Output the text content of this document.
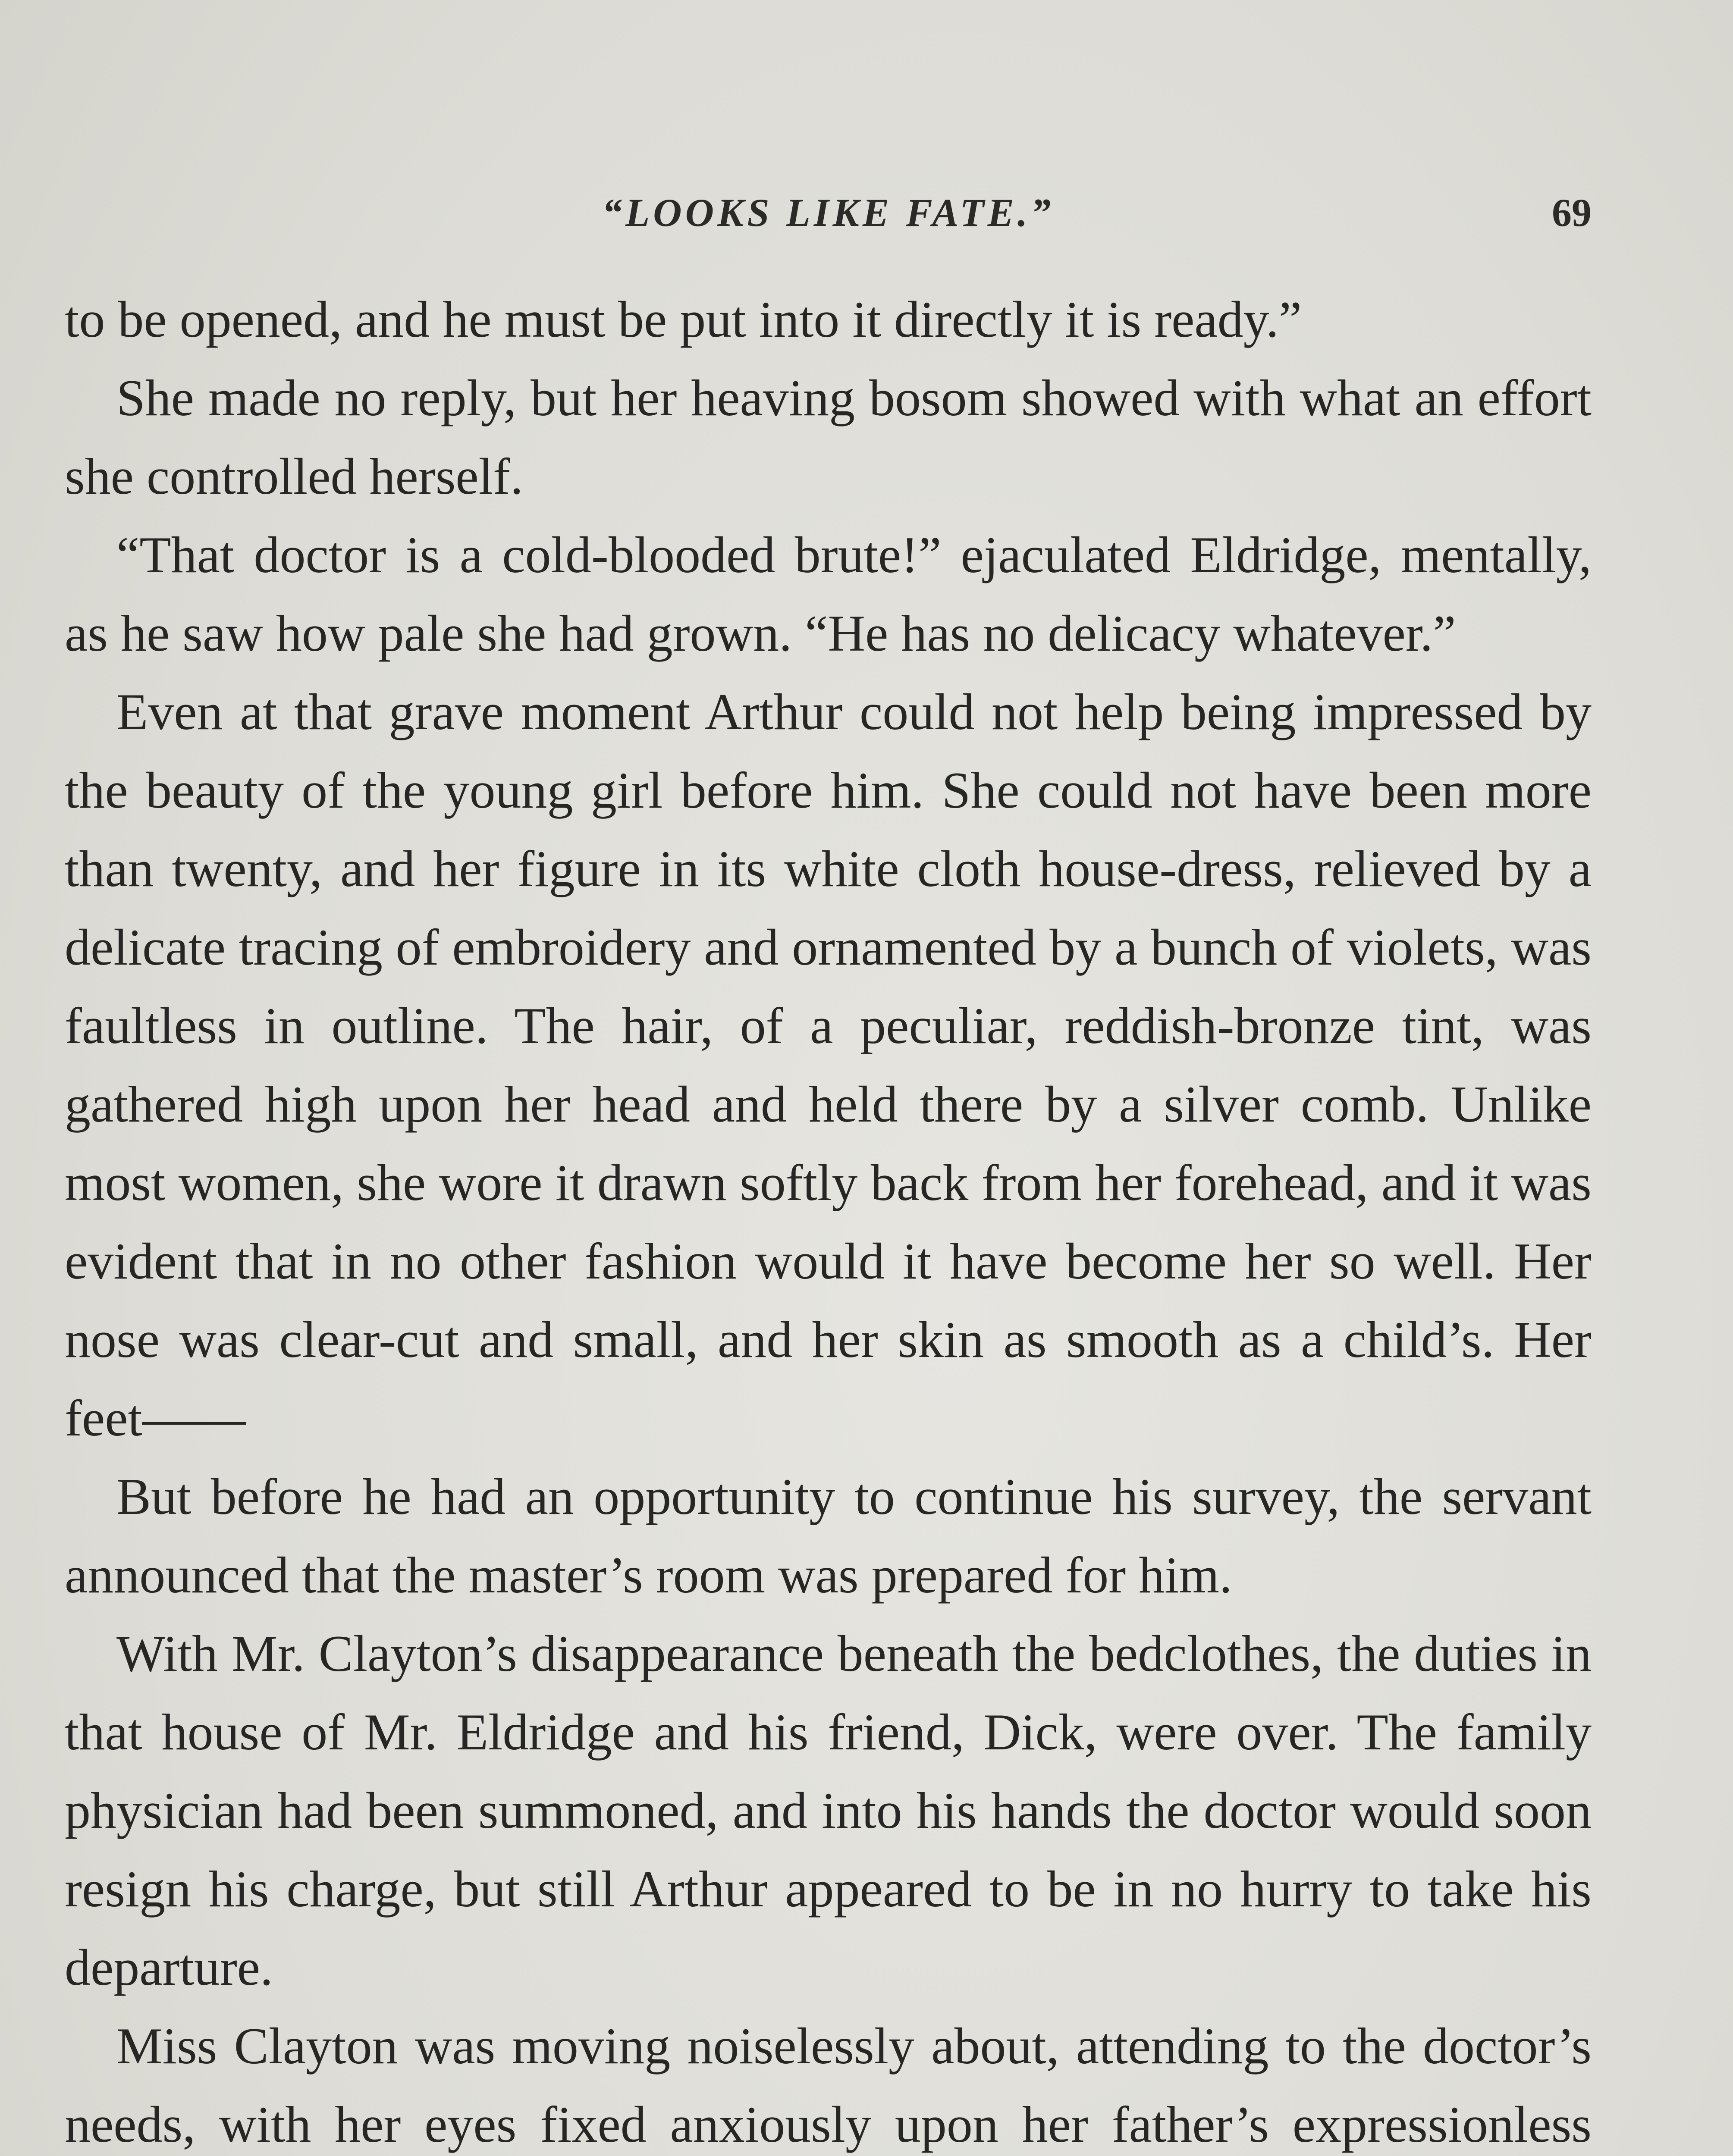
“LOOKS LIKE FATE.”	69

to be opened, and he must be put into it directly it is ready.”

She made no reply, but her heaving bosom showed with what an effort she controlled herself.

“That doctor is a cold-blooded brute!” ejaculated Eldridge, mentally, as he saw how pale she had grown. “He has no delicacy whatever.”

Even at that grave moment Arthur could not help being impressed by the beauty of the young girl before him. She could not have been more than twenty, and her figure in its white cloth house-dress, relieved by a delicate tracing of embroidery and ornamented by a bunch of violets, was faultless in outline. The hair, of a peculiar, reddish-bronze tint, was gathered high upon her head and held there by a silver comb. Unlike most women, she wore it drawn softly back from her forehead, and it was evident that in no other fashion would it have become her so well. Her nose was clear-cut and small, and her skin as smooth as a child’s. Her feet——

But before he had an opportunity to continue his survey, the servant announced that the master’s room was prepared for him.

With Mr. Clayton’s disappearance beneath the bedclothes, the duties in that house of Mr. Eldridge and his friend, Dick, were over. The family physician had been summoned, and into his hands the doctor would soon resign his charge, but still Arthur appeared to be in no hurry to take his departure.

Miss Clayton was moving noiselessly about, attending to the doctor’s needs, with her eyes fixed anxiously upon her father’s expressionless
